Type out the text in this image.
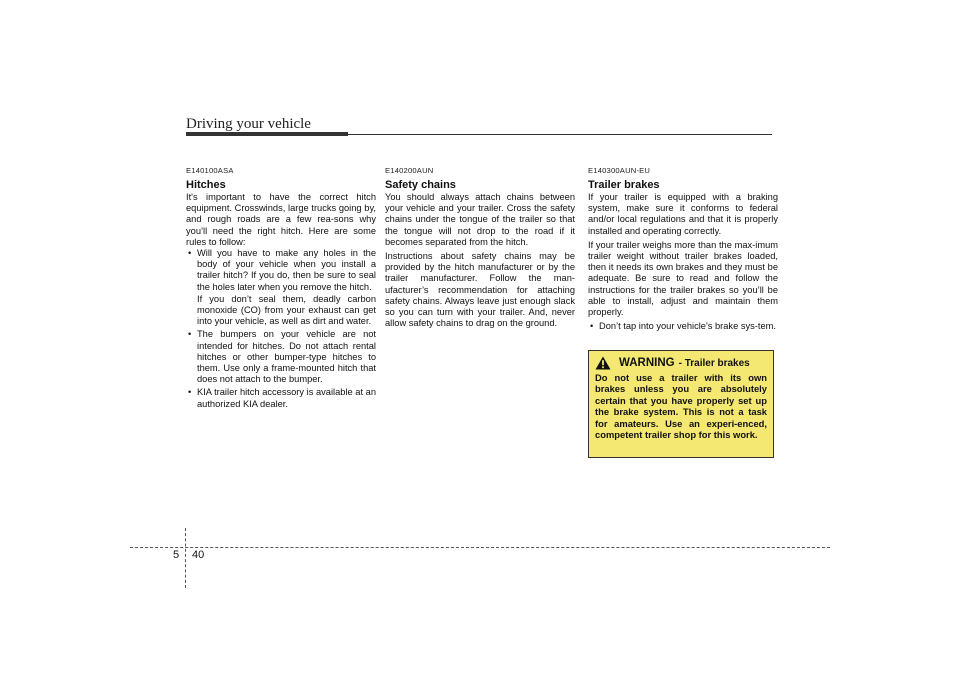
Driving your vehicle
E140100ASA
Hitches

It's important to have the correct hitch equipment. Crosswinds, large trucks going by, and rough roads are a few rea-sons why you’ll need the right hitch. Here are some rules to follow:

• Will you have to make any holes in the body of your vehicle when you install a trailer hitch? If you do, then be sure to seal the holes later when you remove the hitch.
If you don’t seal them, deadly carbon monoxide (CO) from your exhaust can get into your vehicle, as well as dirt and water.
• The bumpers on your vehicle are not intended for hitches. Do not attach rental hitches or other bumper-type hitches to them. Use only a frame-mounted hitch that does not attach to the bumper.
• KIA trailer hitch accessory is available at an authorized KIA dealer.
E140200AUN
Safety chains

You should always attach chains between your vehicle and your trailer. Cross the safety chains under the tongue of the trailer so that the tongue will not drop to the road if it becomes separated from the hitch.

Instructions about safety chains may be provided by the hitch manufacturer or by the trailer manufacturer. Follow the man-ufacturer’s recommendation for attaching safety chains. Always leave just enough slack so you can turn with your trailer. And, never allow safety chains to drag on the ground.

E140300AUN-EU
Trailer brakes

If your trailer is equipped with a braking system, make sure it conforms to federal and/or local regulations and that it is properly installed and operating correctly.

If your trailer weighs more than the max-imum trailer weight without trailer brakes loaded, then it needs its own brakes and they must be adequate. Be sure to read and follow the instructions for the trailer brakes so you’ll be able to install, adjust and maintain them properly.

• Don’t tap into your vehicle's brake sys-tem.
WARNING - Trailer brakes

Do not use a trailer with its own brakes unless you are absolutely certain that you have properly set up the brake system. This is not a task for amateurs. Use an experi-enced, competent trailer shop for this work.

5 40
